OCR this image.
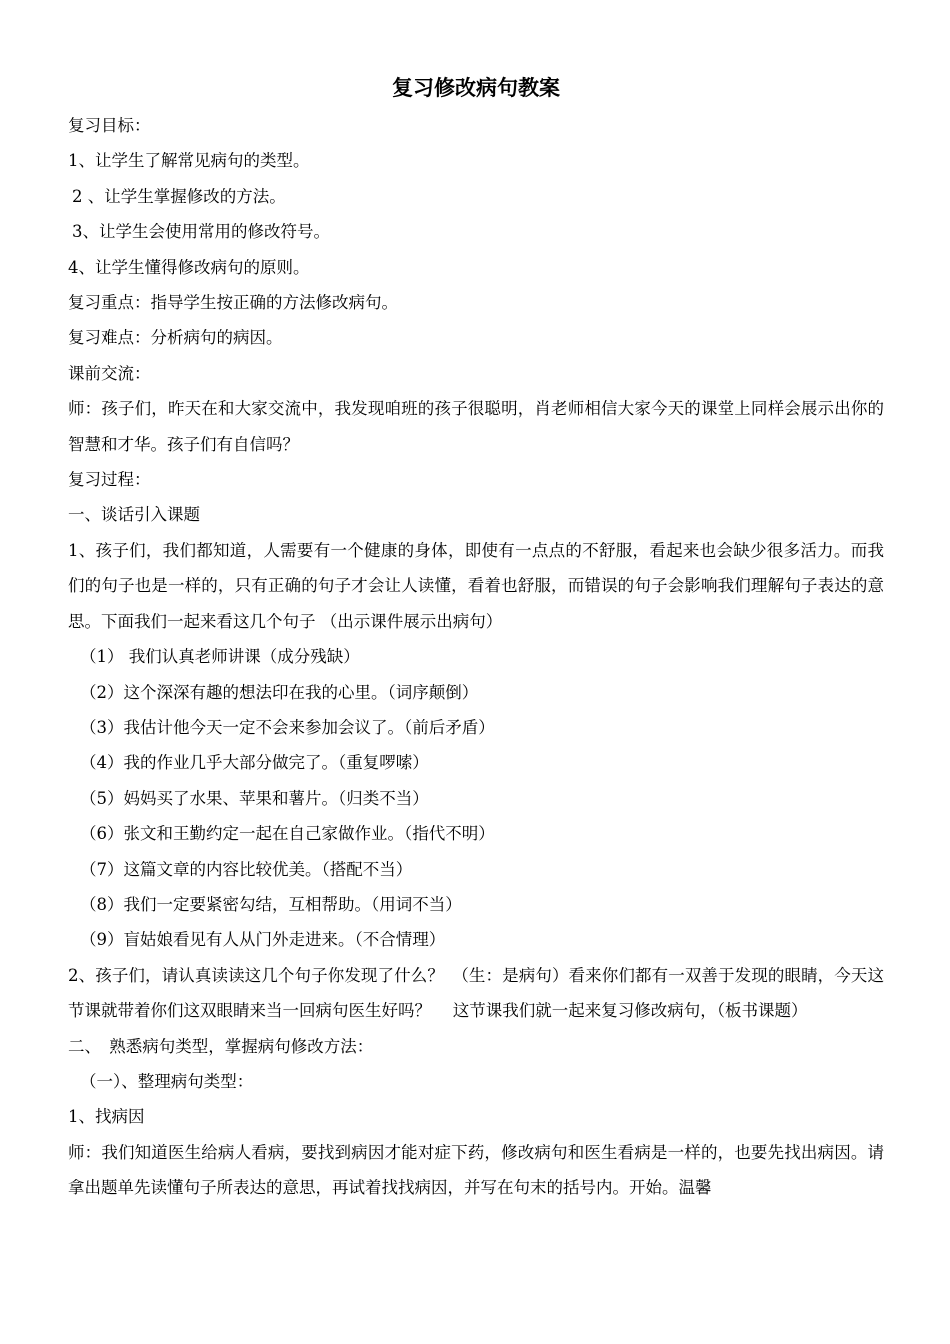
复习修改病句教案

复习目标：

1、让学生了解常见病句的类型。

2 、让学生掌握修改的方法。

3、让学生会使用常用的修改符号。

4、让学生懂得修改病句的原则。

复习重点：指导学生按正确的方法修改病句。

复习难点：分析病句的病因。

课前交流：

师：孩子们，昨天在和大家交流中，我发现咱班的孩子很聪明，肖老师相信大家今天的课堂上同样会展示出你的智慧和才华。孩子们有自信吗？

复习过程：

一、谈话引入课题

1、孩子们，我们都知道，人需要有一个健康的身体，即使有一点点的不舒服，看起来也会缺少很多活力。而我们的句子也是一样的，只有正确的句子才会让人读懂，看着也舒服，而错误的句子会影响我们理解句子表达的意思。下面我们一起来看这几个句子 （出示课件展示出病句）

（1） 我们认真老师讲课（成分残缺）

（2）这个深深有趣的想法印在我的心里。（词序颠倒）

（3）我估计他今天一定不会来参加会议了。（前后矛盾）

（4）我的作业几乎大部分做完了。（重复啰嗦）

（5）妈妈买了水果、苹果和薯片。（归类不当）

（6）张文和王勤约定一起在自己家做作业。（指代不明）

（7）这篇文章的内容比较优美。（搭配不当）

（8）我们一定要紧密勾结，互相帮助。（用词不当）

（9）盲姑娘看见有人从门外走进来。（不合情理）

2、孩子们，请认真读读这几个句子你发现了什么？　（生：是病句）看来你们都有一双善于发现的眼睛，今天这节课就带着你们这双眼睛来当一回病句医生好吗？　 这节课我们就一起来复习修改病句，（板书课题）

二、　熟悉病句类型，掌握病句修改方法：

（一）、整理病句类型：

1、找病因

师：我们知道医生给病人看病，要找到病因才能对症下药，修改病句和医生看病是一样的，也要先找出病因。请拿出题单先读懂句子所表达的意思，再试着找找病因，并写在句末的括号内。开始。温馨
